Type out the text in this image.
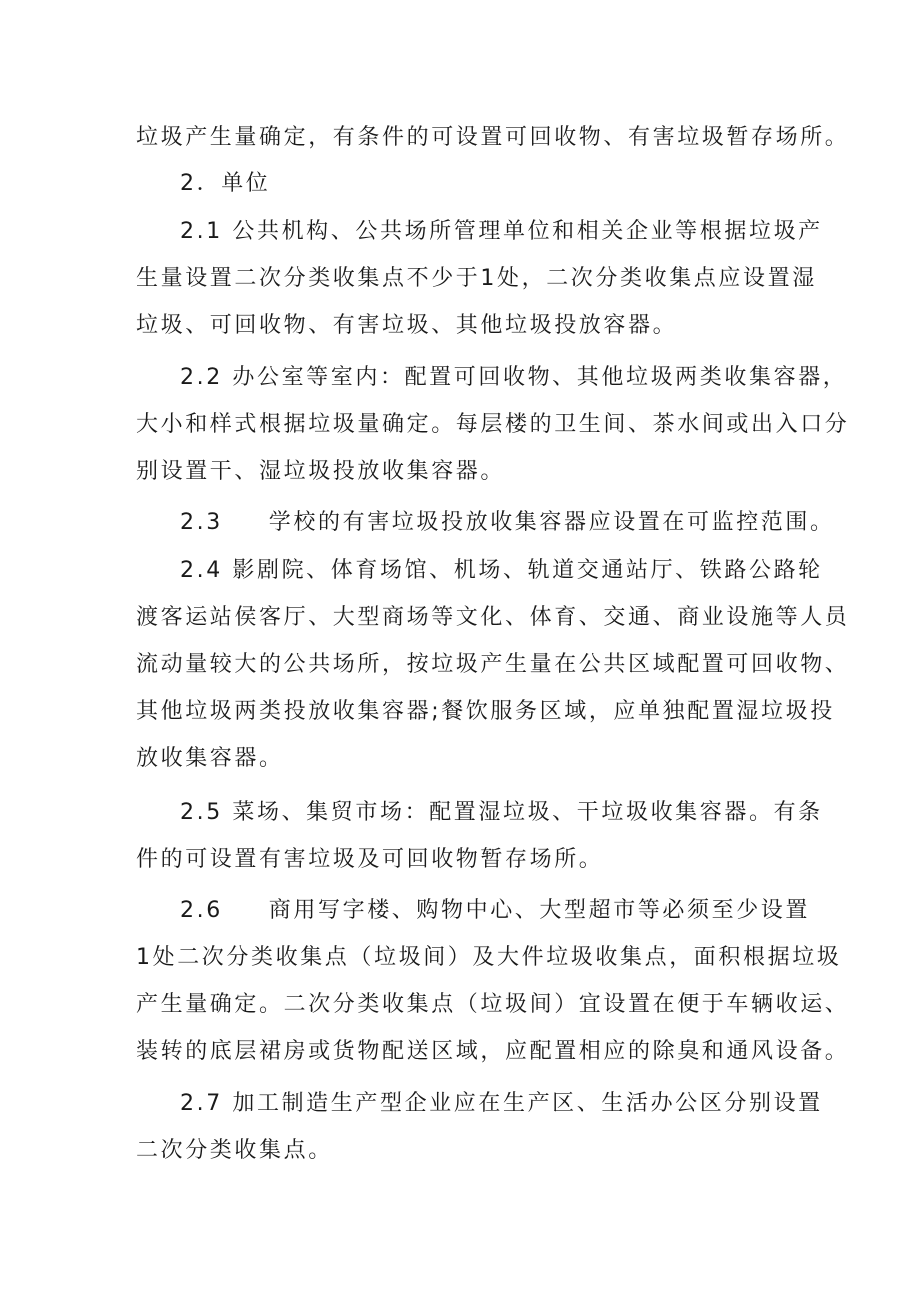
垃圾产生量确定，有条件的可设置可回收物、有害垃圾暂存场所。
2．单位
2.1 公共机构、公共场所管理单位和相关企业等根据垃圾产
生量设置二次分类收集点不少于1处，二次分类收集点应设置湿
垃圾、可回收物、有害垃圾、其他垃圾投放容器。
2.2 办公室等室内：配置可回收物、其他垃圾两类收集容器，
大小和样式根据垃圾量确定。每层楼的卫生间、茶水间或出入口分
别设置干、湿垃圾投放收集容器。
2.3 学校的有害垃圾投放收集容器应设置在可监控范围。
2.4 影剧院、体育场馆、机场、轨道交通站厅、铁路公路轮
渡客运站侯客厅、大型商场等文化、体育、交通、商业设施等人员
流动量较大的公共场所，按垃圾产生量在公共区域配置可回收物、
其他垃圾两类投放收集容器;餐饮服务区域，应单独配置湿垃圾投
放收集容器。
2.5 菜场、集贸市场：配置湿垃圾、干垃圾收集容器。有条
件的可设置有害垃圾及可回收物暂存场所。
2.6 商用写字楼、购物中心、大型超市等必须至少设置
1处二次分类收集点（垃圾间）及大件垃圾收集点，面积根据垃圾
产生量确定。二次分类收集点（垃圾间）宜设置在便于车辆收运、
装转的底层裙房或货物配送区域，应配置相应的除臭和通风设备。
2.7 加工制造生产型企业应在生产区、生活办公区分别设置
二次分类收集点。
